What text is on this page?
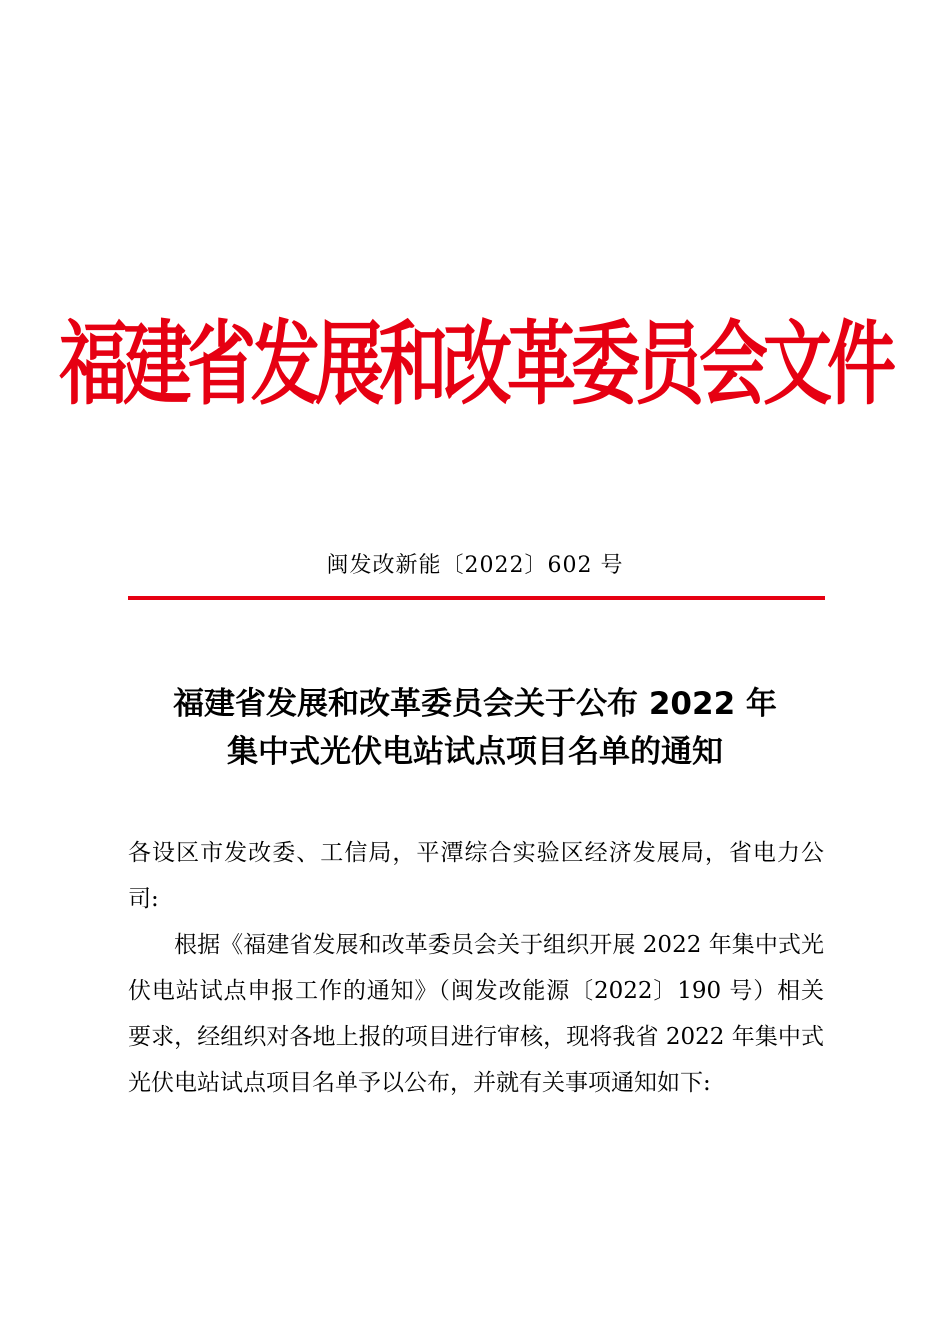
福建省发展和改革委员会文件
闽发改新能〔2022〕602 号
福建省发展和改革委员会关于公布 2022 年
集中式光伏电站试点项目名单的通知

各设区市发改委、工信局，平潭综合实验区经济发展局，省电力公司:

根据《福建省发展和改革委员会关于组织开展 2022 年集中式光伏电站试点申报工作的通知》（闽发改能源〔2022〕190 号）相关要求，经组织对各地上报的项目进行审核，现将我省 2022 年集中式光伏电站试点项目名单予以公布，并就有关事项通知如下:
